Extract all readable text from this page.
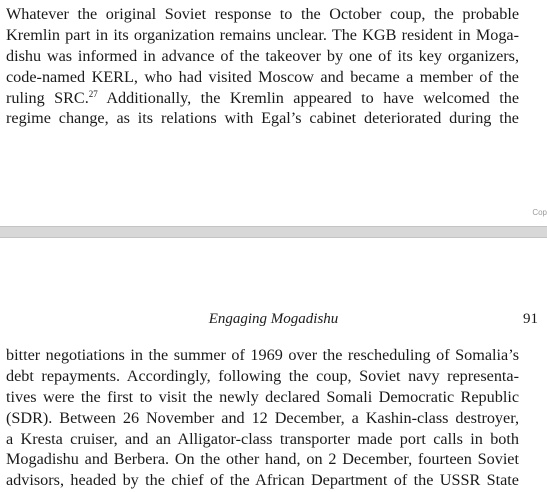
Whatever the original Soviet response to the October coup, the probable
Kremlin part in its organization remains unclear. The KGB resident in Moga-
dishu was informed in advance of the takeover by one of its key organizers,
code-named KERL, who had visited Moscow and became a member of the
ruling SRC.$^{27}$ Additionally, the Kremlin appeared to have welcomed the
regime change, as its relations with Egal’s cabinet deteriorated during the
Cop
Engaging Mogadishu	91
bitter negotiations in the summer of 1969 over the rescheduling of Somalia’s
debt repayments. Accordingly, following the coup, Soviet navy representa-
tives were the first to visit the newly declared Somali Democratic Republic
(SDR). Between 26 November and 12 December, a Kashin-class destroyer,
a Kresta cruiser, and an Alligator-class transporter made port calls in both
Mogadishu and Berbera. On the other hand, on 2 December, fourteen Soviet
advisors, headed by the chief of the African Department of the USSR State
